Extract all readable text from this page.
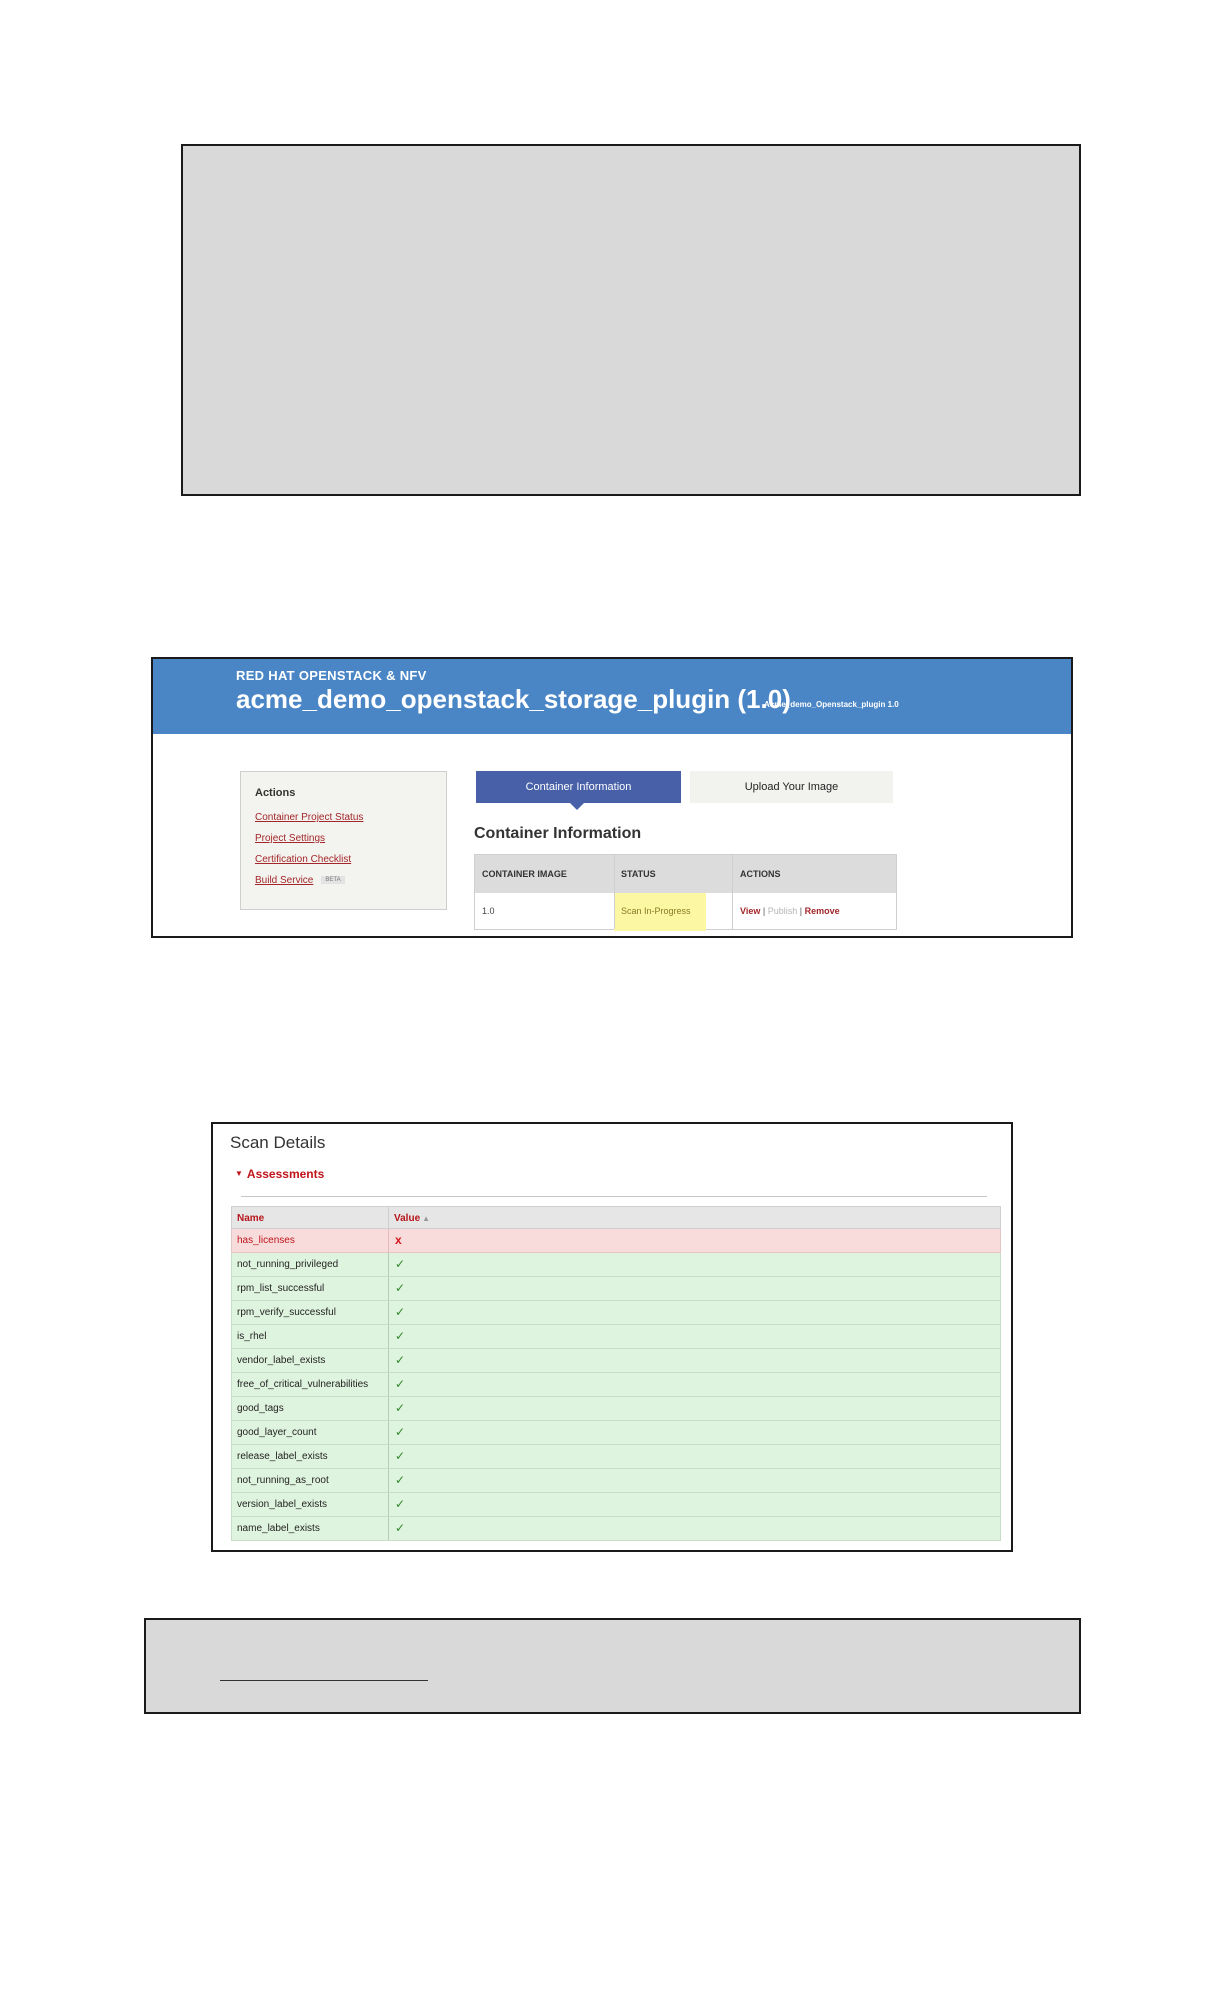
RED HAT OPENSTACK & NFV
acme_demo_openstack_storage_plugin (1.0)
Acme_demo_Openstack_plugin 1.0
Actions
Container Project Status
Project Settings
Certification Checklist
Build Service BETA
Container Information	Upload Your Image
Container Information
CONTAINER IMAGE	STATUS	ACTIONS
1.0	Scan In-Progress	View | Publish | Remove
Scan Details
▼ Assessments
Name	Value ▲
has_licenses	x
not_running_privileged	✓
rpm_list_successful	✓
rpm_verify_successful	✓
is_rhel	✓
vendor_label_exists	✓
free_of_critical_vulnerabilities ✓
good_tags	✓
good_layer_count	✓
release_label_exists	✓
not_running_as_root	✓
version_label_exists	✓
name_label_exists	✓
